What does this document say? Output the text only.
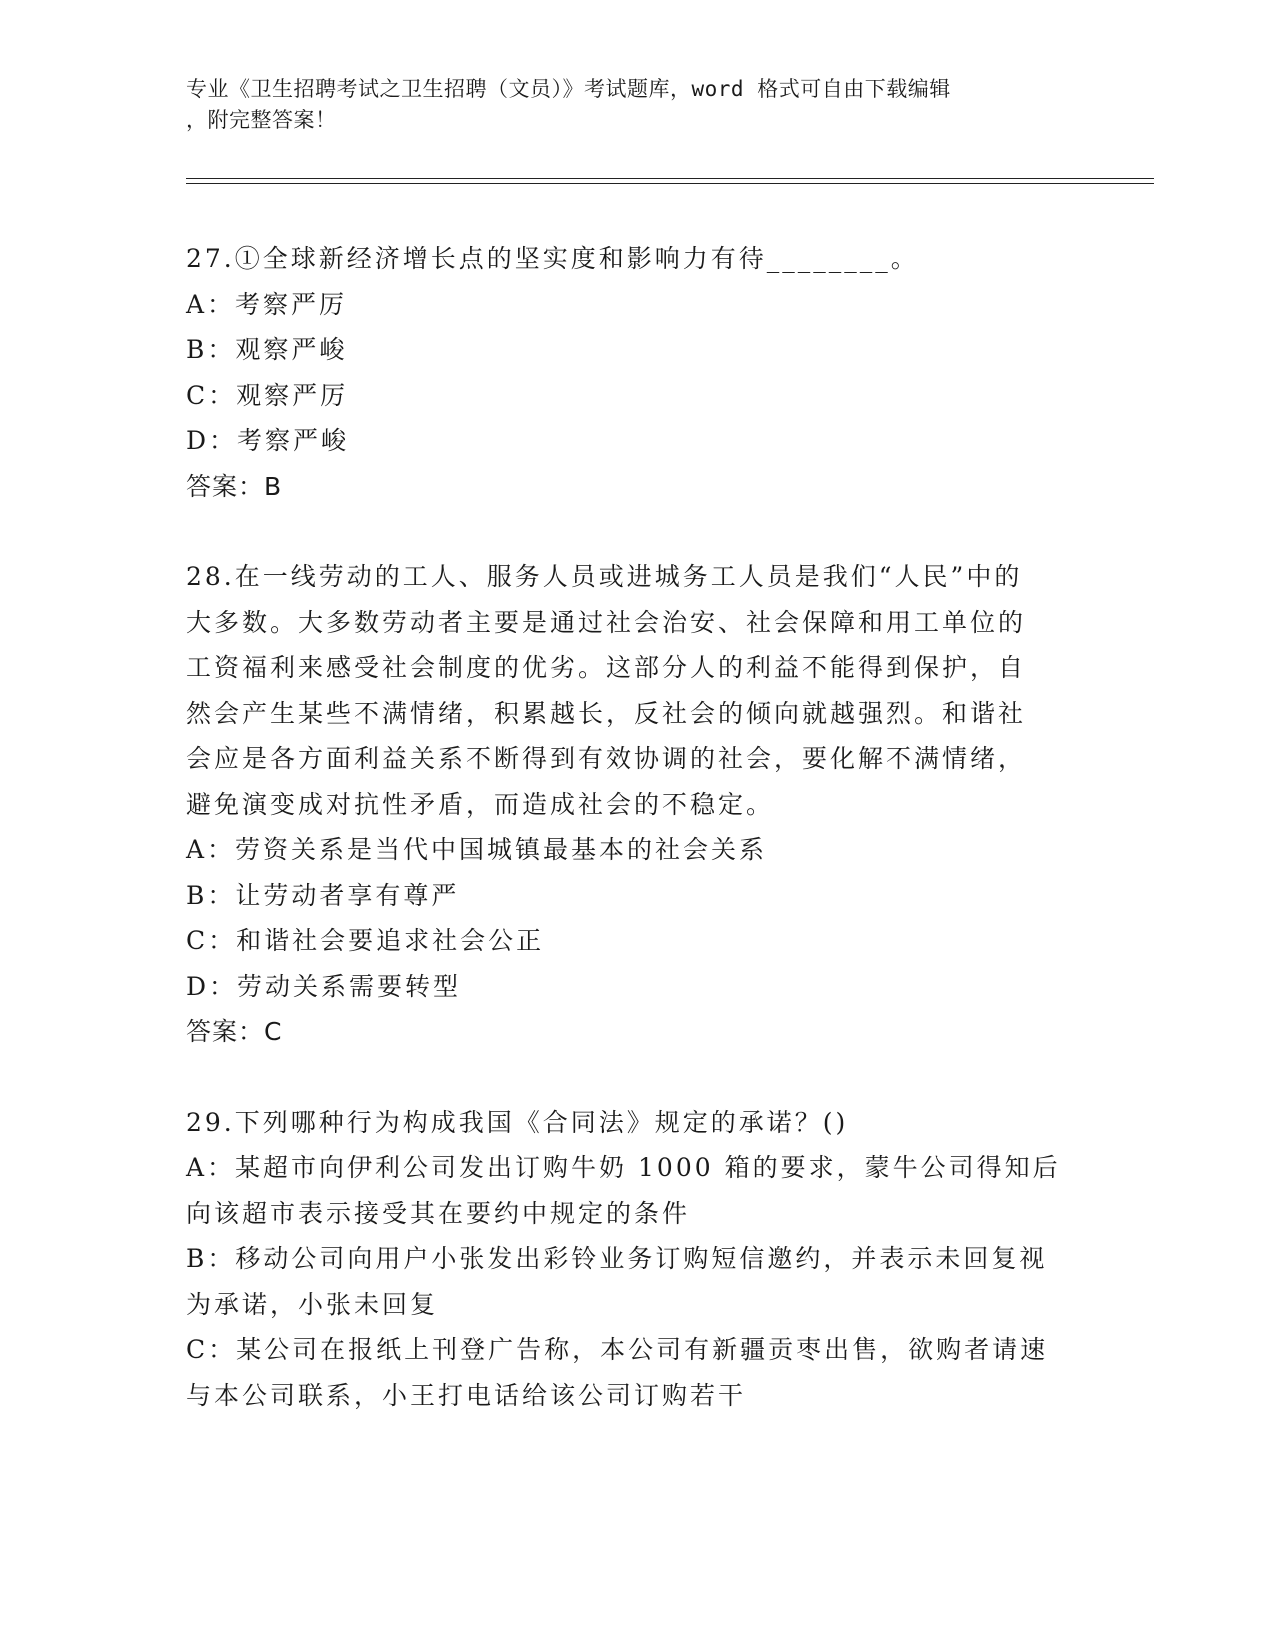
专业《卫生招聘考试之卫生招聘（文员）》考试题库，word 格式可自由下载编辑
，附完整答案！
27.①全球新经济增长点的坚实度和影响力有待________。
A：考察严厉
B：观察严峻
C：观察严厉
D：考察严峻
答案：B
28.在一线劳动的工人、服务人员或进城务工人员是我们“人民”中的
大多数。大多数劳动者主要是通过社会治安、社会保障和用工单位的
工资福利来感受社会制度的优劣。这部分人的利益不能得到保护，自
然会产生某些不满情绪，积累越长，反社会的倾向就越强烈。和谐社
会应是各方面利益关系不断得到有效协调的社会，要化解不满情绪，
避免演变成对抗性矛盾，而造成社会的不稳定。
A：劳资关系是当代中国城镇最基本的社会关系
B：让劳动者享有尊严
C：和谐社会要追求社会公正
D：劳动关系需要转型
答案：C
29.下列哪种行为构成我国《合同法》规定的承诺？()
A：某超市向伊利公司发出订购牛奶 1000 箱的要求，蒙牛公司得知后
向该超市表示接受其在要约中规定的条件
B：移动公司向用户小张发出彩铃业务订购短信邀约，并表示未回复视
为承诺，小张未回复
C：某公司在报纸上刊登广告称，本公司有新疆贡枣出售，欲购者请速
与本公司联系，小王打电话给该公司订购若干
